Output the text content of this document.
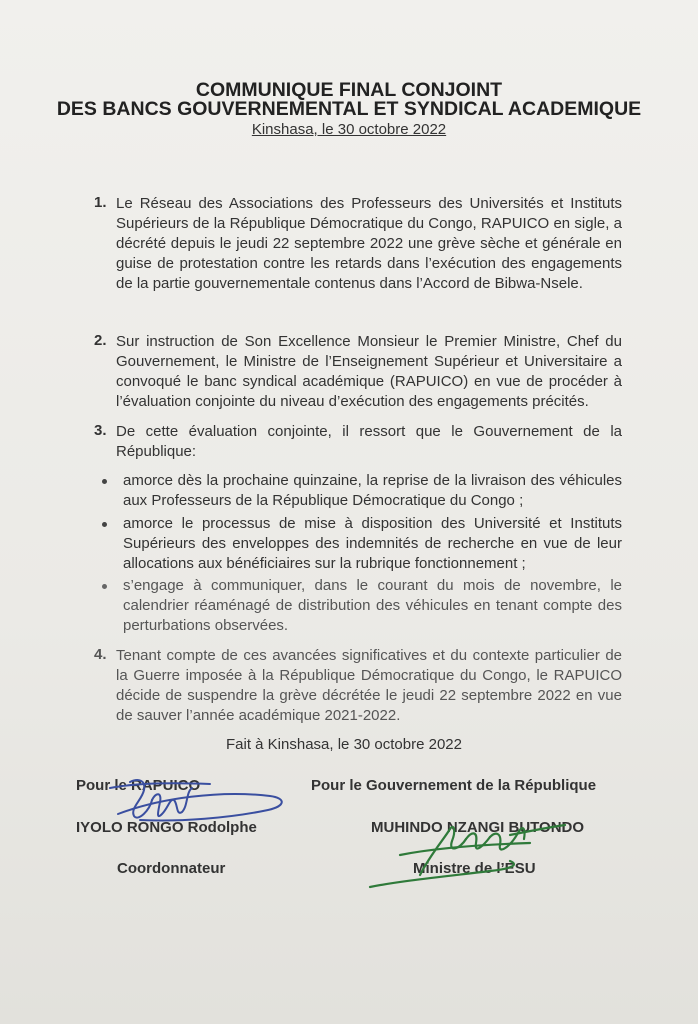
COMMUNIQUE FINAL CONJOINT
DES BANCS GOUVERNEMENTAL ET SYNDICAL ACADEMIQUE
Kinshasa, le 30 octobre 2022
1. Le Réseau des Associations des Professeurs des Universités et Instituts Supérieurs de la République Démocratique du Congo, RAPUICO en sigle, a décrété depuis le jeudi 22 septembre 2022 une grève sèche et générale en guise de protestation contre les retards dans l’exécution des engagements de la partie gouvernementale contenus dans l’Accord de Bibwa-Nsele.
2. Sur instruction de Son Excellence Monsieur le Premier Ministre, Chef du Gouvernement, le Ministre de l’Enseignement Supérieur et Universitaire a convoqué le banc syndical académique (RAPUICO) en vue de procéder à l’évaluation conjointe du niveau d’exécution des engagements précités.
3. De cette évaluation conjointe, il ressort que le Gouvernement de la République:
amorce dès la prochaine quinzaine, la reprise de la livraison des véhicules aux Professeurs de la République Démocratique du Congo ;
amorce le processus de mise à disposition des Université et Instituts Supérieurs des enveloppes des indemnités de recherche en vue de leur allocations aux bénéficiaires sur la rubrique fonctionnement ;
s’engage à communiquer, dans le courant du mois de novembre, le calendrier réaménagé de distribution des véhicules en tenant compte des perturbations observées.
4. Tenant compte de ces avancées significatives et du contexte particulier de la Guerre imposée à la République Démocratique du Congo, le RAPUICO décide de suspendre la grève décrétée le jeudi 22 septembre 2022 en vue de sauver l’année académique 2021-2022.
Fait à Kinshasa, le 30 octobre 2022
Pour le RAPUICO
IYOLO RONGO Rodolphe
Coordonnateur
Pour le Gouvernement de la République
MUHINDO NZANGI BUTONDO
Ministre de l’ESU
